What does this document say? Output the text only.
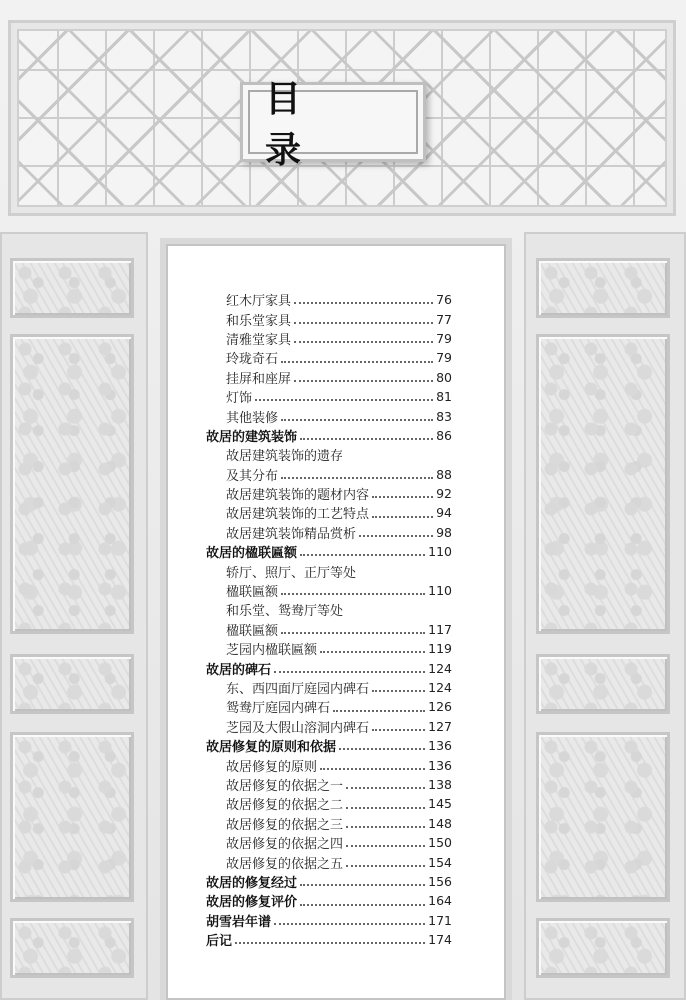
目 录
红木厅家具	76
和乐堂家具	77
清雅堂家具	79
玲珑奇石	79
挂屏和座屏	80
灯饰	81
其他装修	83
故居的建筑装饰	86
故居建筑装饰的遗存
及其分布	88
故居建筑装饰的题材内容	92
故居建筑装饰的工艺特点	94
故居建筑装饰精品赏析	98
故居的楹联匾额	110
轿厅、照厅、正厅等处
楹联匾额	110
和乐堂、鸳鸯厅等处
楹联匾额	117
芝园内楹联匾额	119
故居的碑石	124
东、西四面厅庭园内碑石	124
鸳鸯厅庭园内碑石	126
芝园及大假山溶洞内碑石	127
故居修复的原则和依据	136
故居修复的原则	136
故居修复的依据之一	138
故居修复的依据之二	145
故居修复的依据之三	148
故居修复的依据之四	150
故居修复的依据之五	154
故居的修复经过	156
故居的修复评价	164
胡雪岩年谱	171
后记	174
